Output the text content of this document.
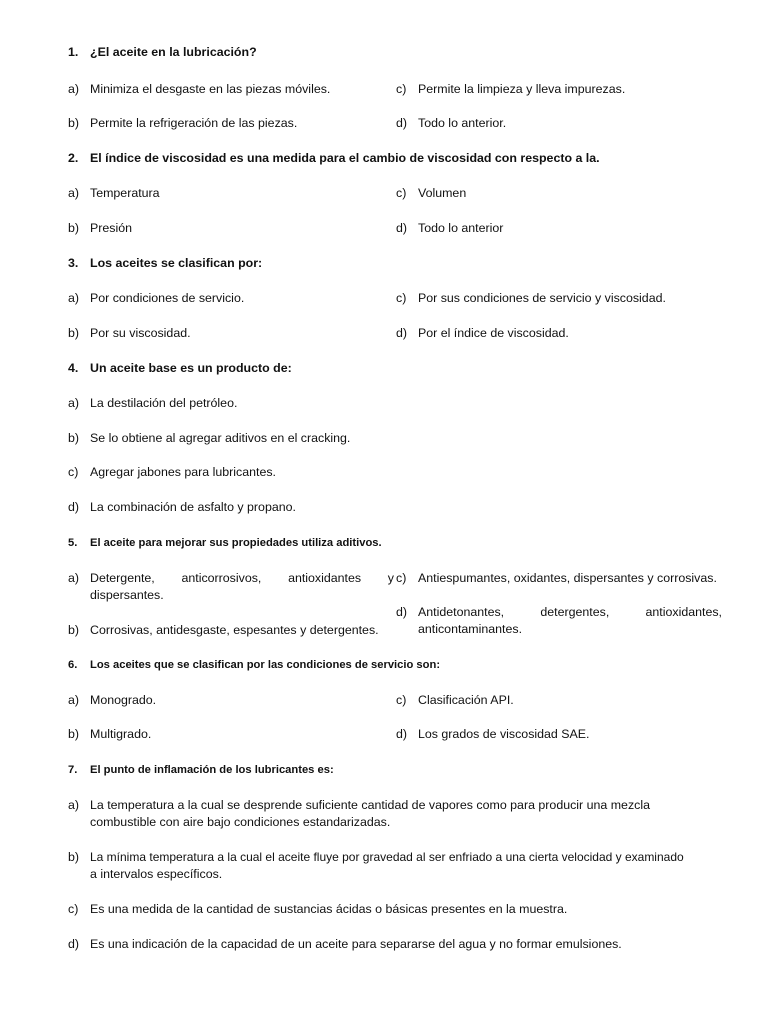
1. ¿El aceite en la lubricación?
a) Minimiza el desgaste en las piezas móviles.	c) Permite la limpieza y lleva impurezas.
b) Permite la refrigeración de las piezas.	d) Todo lo anterior.
2. El índice de viscosidad es una medida para el cambio de viscosidad con respecto a la.
a) Temperatura	c) Volumen
b) Presión	d) Todo lo anterior
3. Los aceites se clasifican por:
a) Por condiciones de servicio.	c) Por sus condiciones de servicio y viscosidad.
b) Por su viscosidad.	d) Por el índice de viscosidad.
4. Un aceite base es un producto de:
a) La destilación del petróleo.
b) Se lo obtiene al agregar aditivos en el cracking.
c) Agregar jabones para lubricantes.
d) La combinación de asfalto y propano.
5. El aceite para mejorar sus propiedades utiliza aditivos.
a) Detergente, anticorrosivos, antioxidantes y
dispersantes.
c) Antiespumantes, oxidantes, dispersantes y corrosivas.
d) Antidetonantes, detergentes, antioxidantes,
anticontaminantes.
b) Corrosivas, antidesgaste, espesantes y detergentes.
6. Los aceites que se clasifican por las condiciones de servicio son:
a) Monogrado.	c) Clasificación API.
b) Multigrado.	d) Los grados de viscosidad SAE.
7. El punto de inflamación de los lubricantes es:
a) La temperatura a la cual se desprende suficiente cantidad de vapores como para producir una mezcla
combustible con aire bajo condiciones estandarizadas.
b) La mínima temperatura a la cual el aceite fluye por gravedad al ser enfriado a una cierta velocidad y examinado
a intervalos específicos.
c) Es una medida de la cantidad de sustancias ácidas o básicas presentes en la muestra.
d) Es una indicación de la capacidad de un aceite para separarse del agua y no formar emulsiones.
